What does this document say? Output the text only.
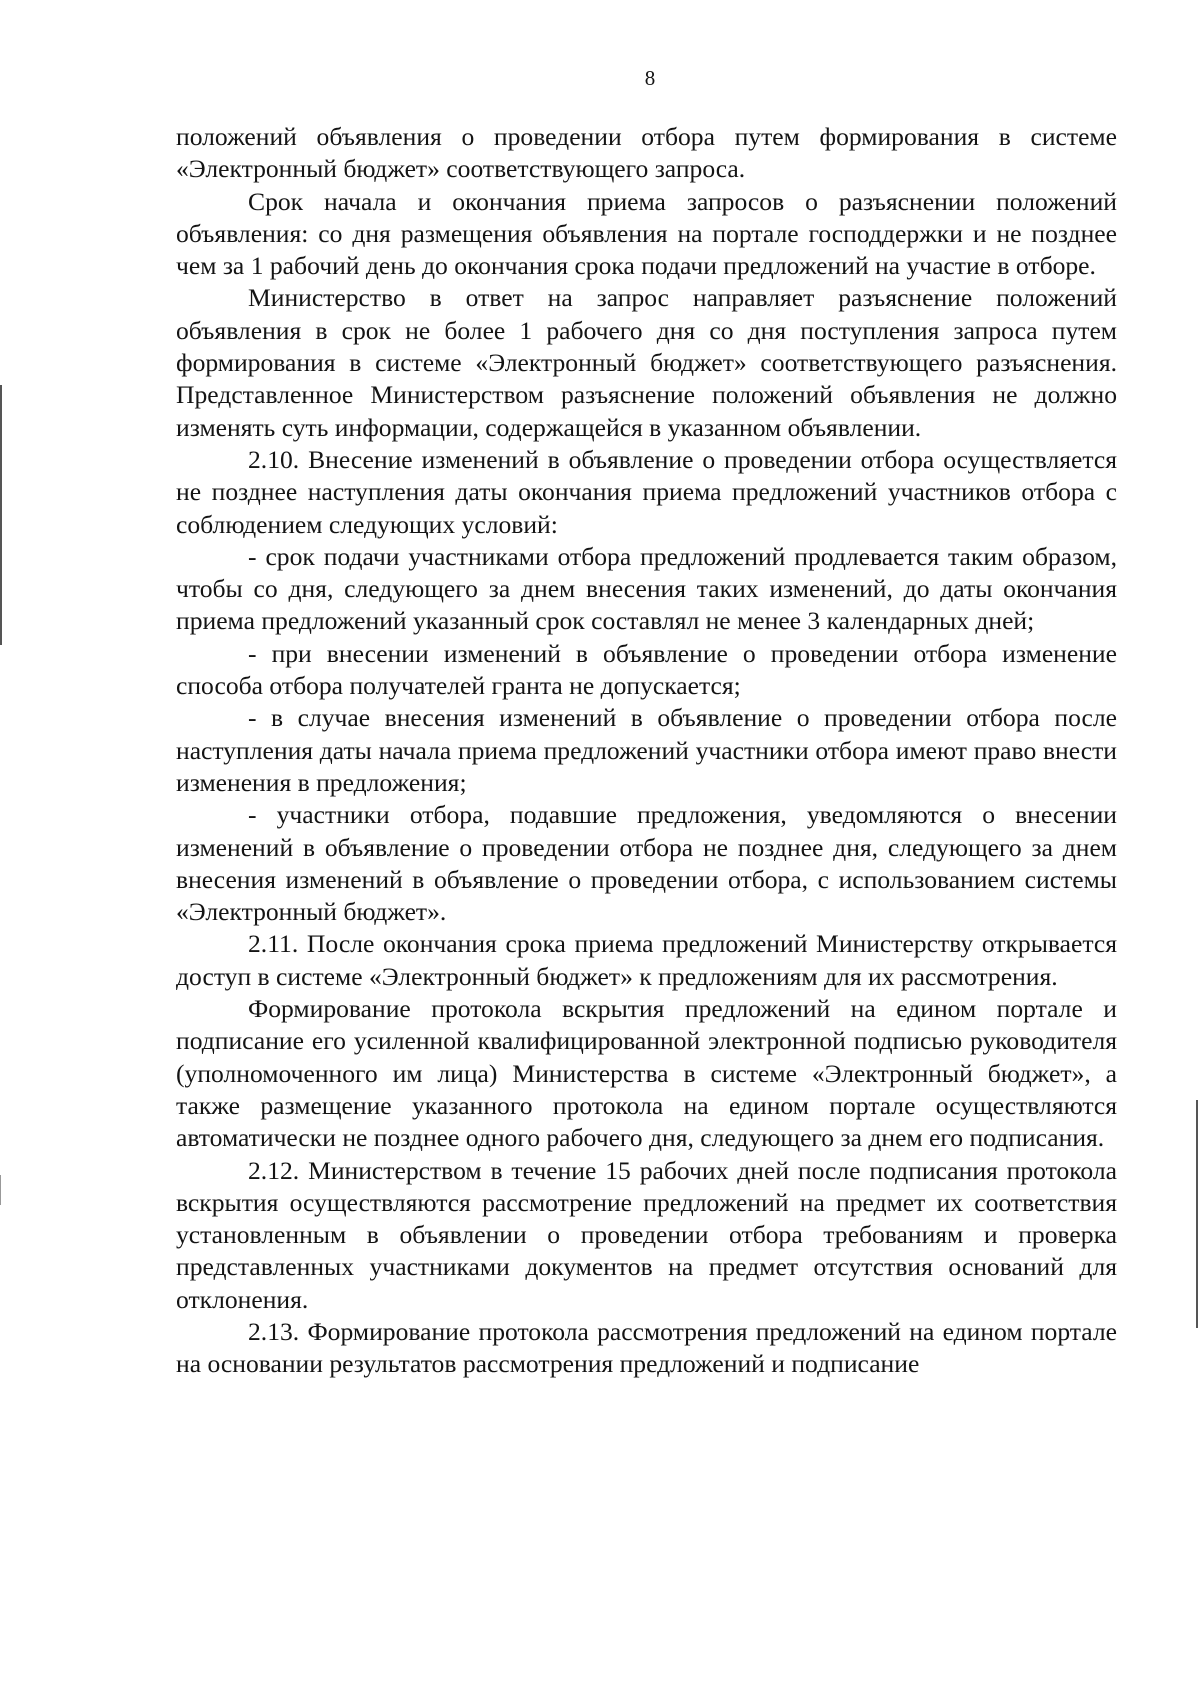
8

положений объявления о проведении отбора путем формирования в системе «Электронный бюджет» соответствующего запроса.

Срок начала и окончания приема запросов о разъяснении положений объявления: со дня размещения объявления на портале господдержки и не позднее чем за 1 рабочий день до окончания срока подачи предложений на участие в отборе.

Министерство в ответ на запрос направляет разъяснение положений объявления в срок не более 1 рабочего дня со дня поступления запроса путем формирования в системе «Электронный бюджет» соответствующего разъяснения. Представленное Министерством разъяснение положений объявления не должно изменять суть информации, содержащейся в указанном объявлении.

2.10. Внесение изменений в объявление о проведении отбора осуществляется не позднее наступления даты окончания приема предложений участников отбора с соблюдением следующих условий:

- срок подачи участниками отбора предложений продлевается таким образом, чтобы со дня, следующего за днем внесения таких изменений, до даты окончания приема предложений указанный срок составлял не менее 3 календарных дней;

- при внесении изменений в объявление о проведении отбора изменение способа отбора получателей гранта не допускается;

- в случае внесения изменений в объявление о проведении отбора после наступления даты начала приема предложений участники отбора имеют право внести изменения в предложения;

- участники отбора, подавшие предложения, уведомляются о внесении изменений в объявление о проведении отбора не позднее дня, следующего за днем внесения изменений в объявление о проведении отбора, с использованием системы «Электронный бюджет».

2.11. После окончания срока приема предложений Министерству открывается доступ в системе «Электронный бюджет» к предложениям для их рассмотрения.

Формирование протокола вскрытия предложений на едином портале и подписание его усиленной квалифицированной электронной подписью руководителя (уполномоченного им лица) Министерства в системе «Электронный бюджет», а также размещение указанного протокола на едином портале осуществляются автоматически не позднее одного рабочего дня, следующего за днем его подписания.

2.12. Министерством в течение 15 рабочих дней после подписания протокола вскрытия осуществляются рассмотрение предложений на предмет их соответствия установленным в объявлении о проведении отбора требованиям и проверка представленных участниками документов на предмет отсутствия оснований для отклонения.

2.13. Формирование протокола рассмотрения предложений на едином портале на основании результатов рассмотрения предложений и подписание
